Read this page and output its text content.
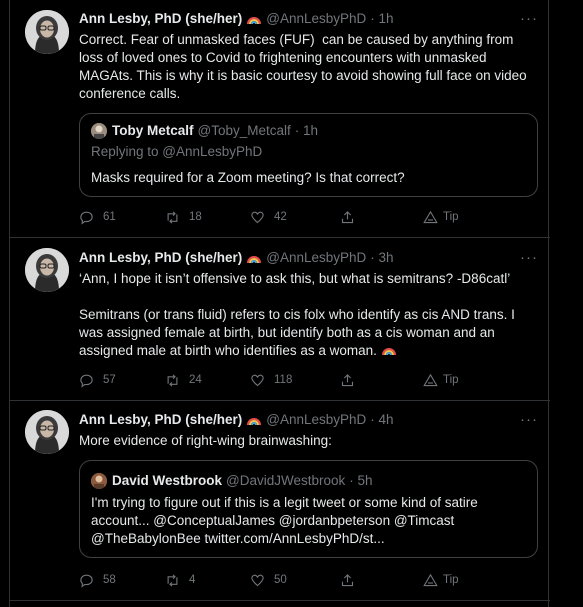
Ann Lesby, PhD (she/her) @AnnLesbyPhD · 1h	···
Correct. Fear of unmasked faces (FUF)  can be caused by anything from loss of loved ones to Covid to frightening encounters with unmasked MAGAts. This is why it is basic courtesy to avoid showing full face on video conference calls.
Toby Metcalf @Toby_Metcalf · 1h
Replying to @AnnLesbyPhD
Masks required for a Zoom meeting? Is that correct?
61	18	42	Tip
Ann Lesby, PhD (she/her) @AnnLesbyPhD · 3h	···
‘Ann, I hope it isn’t offensive to ask this, but what is semitrans? -D86catl’

Semitrans (or trans fluid) refers to cis folx who identify as cis AND trans. I was assigned female at birth, but identify both as a cis woman and an assigned male at birth who identifies as a woman.
57	24	118	Tip
Ann Lesby, PhD (she/her) @AnnLesbyPhD · 4h	···
More evidence of right-wing brainwashing:
David Westbrook @DavidJWestbrook · 5h
I'm trying to figure out if this is a legit tweet or some kind of satire account... @ConceptualJames @jordanbpeterson @Timcast @TheBabylonBee twitter.com/AnnLesbyPhD/st...
58	4	50	Tip
